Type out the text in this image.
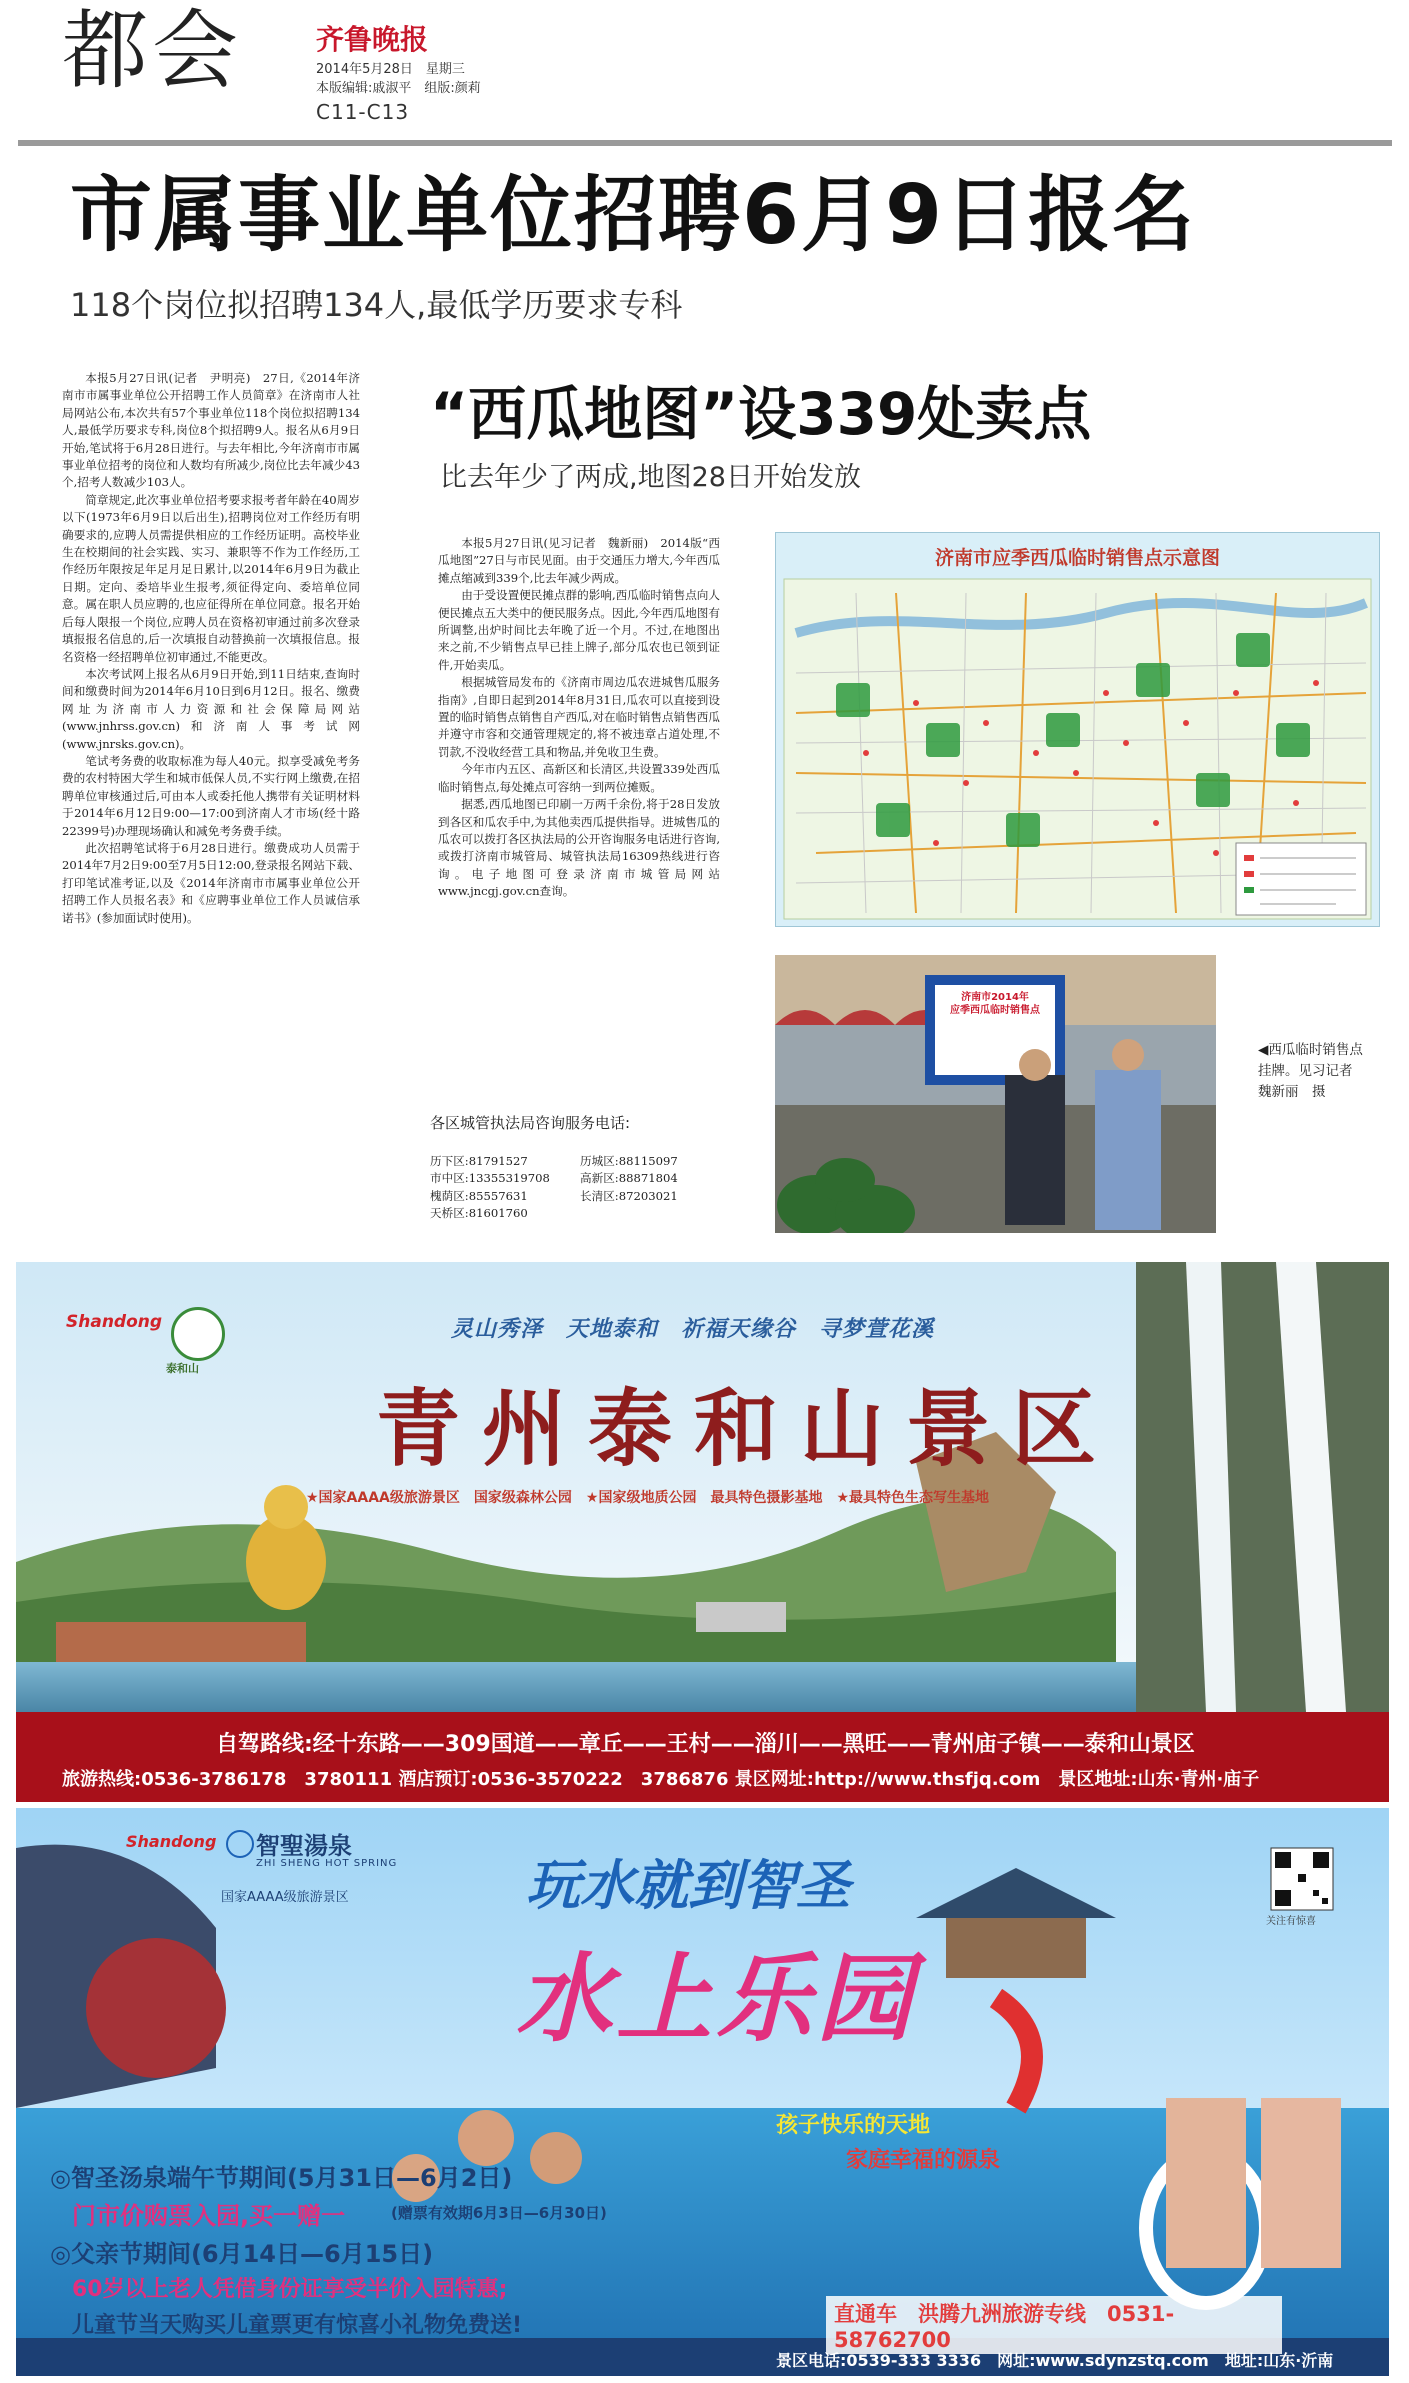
都会	齐鲁晚报
2014年5月28日　星期三
本版编辑:戚淑平　组版:颜莉
C11-C13
市属事业单位招聘6月9日报名
118个岗位拟招聘134人,最低学历要求专科

本报5月27日讯(记者　尹明亮)　27日,《2014年济南市市属事业单位公开招聘工作人员简章》在济南市人社局网站公布,本次共有57个事业单位118个岗位拟招聘134人,最低学历要求专科,岗位8个拟招聘9人。报名从6月9日开始,笔试将于6月28日进行。与去年相比,今年济南市市属事业单位招考的岗位和人数均有所减少,岗位比去年减少43个,招考人数减少103人。

简章规定,此次事业单位招考要求报考者年龄在40周岁以下(1973年6月9日以后出生),招聘岗位对工作经历有明确要求的,应聘人员需提供相应的工作经历证明。高校毕业生在校期间的社会实践、实习、兼职等不作为工作经历,工作经历年限按足年足月足日累计,以2014年6月9日为截止日期。定向、委培毕业生报考,须征得定向、委培单位同意。属在职人员应聘的,也应征得所在单位同意。报名开始后每人限报一个岗位,应聘人员在资格初审通过前多次登录填报报名信息的,后一次填报自动替换前一次填报信息。报名资格一经招聘单位初审通过,不能更改。

本次考试网上报名从6月9日开始,到11日结束,查询时间和缴费时间为2014年6月10日到6月12日。报名、缴费网址为济南市人力资源和社会保障局网站(www.jnhrss.gov.cn)和济南人事考试网(www.jnrsks.gov.cn)。

笔试考务费的收取标准为每人40元。拟享受减免考务费的农村特困大学生和城市低保人员,不实行网上缴费,在招聘单位审核通过后,可由本人或委托他人携带有关证明材料于2014年6月12日9:00—17:00到济南人才市场(经十路22399号)办理现场确认和减免考务费手续。

此次招聘笔试将于6月28日进行。缴费成功人员需于2014年7月2日9:00至7月5日12:00,登录报名网站下载、打印笔试准考证,以及《2014年济南市市属事业单位公开招聘工作人员报名表》和《应聘事业单位工作人员诚信承诺书》(参加面试时使用)。

“西瓜地图”设339处卖点
比去年少了两成,地图28日开始发放

本报5月27日讯(见习记者　魏新丽)　2014版“西瓜地图”27日与市民见面。由于交通压力增大,今年西瓜摊点缩减到339个,比去年减少两成。

由于受设置便民摊点群的影响,西瓜临时销售点向人便民摊点五大类中的便民服务点。因此,今年西瓜地图有所调整,出炉时间比去年晚了近一个月。不过,在地图出来之前,不少销售点早已挂上牌子,部分瓜农也已领到证件,开始卖瓜。

根据城管局发布的《济南市周边瓜农进城售瓜服务指南》,自即日起到2014年8月31日,瓜农可以直接到设置的临时销售点销售自产西瓜,对在临时销售点销售西瓜并遵守市容和交通管理规定的,将不被违章占道处理,不罚款,不没收经营工具和物品,并免收卫生费。

今年市内五区、高新区和长清区,共设置339处西瓜临时销售点,每处摊点可容纳一到两位摊贩。

据悉,西瓜地图已印刷一万两千余份,将于28日发放到各区和瓜农手中,为其他卖西瓜提供指导。进城售瓜的瓜农可以拨打各区执法局的公开咨询服务电话进行咨询,或拨打济南市城管局、城管执法局16309热线进行咨询。电子地图可登录济南市城管局网站www.jncgj.gov.cn查询。

各区城管执法局咨询服务电话:
历下区:81791527	历城区:88115097
市中区:13355319708	高新区:88871804
槐荫区:85557631	长清区:87203021
天桥区:81601760
济南市应季西瓜临时销售点示意图
济南市2014年
应季西瓜临时销售点
◀西瓜临时销售点挂牌。见习记者　魏新丽　摄
Shandong
泰和山
灵山秀泽　天地泰和　祈福天缘谷　寻梦萱花溪
青州泰和山景区
★国家AAAA级旅游景区　国家级森林公园　★国家级地质公园　最具特色摄影基地　★最具特色生态写生基地
自驾路线:经十东路——309国道——章丘——王村——淄川——黑旺——青州庙子镇——泰和山景区
旅游热线:0536-3786178　3780111 酒店预订:0536-3570222　3786876 景区网址:http://www.thsfjq.com　景区地址:山东·青州·庙子
Shandong 智聖湯泉
ZHI SHENG HOT SPRING
国家AAAA级旅游景区	玩水就到智圣
水上乐园
关注有惊喜
孩子快乐的天地
家庭幸福的源泉
◎智圣汤泉端午节期间(5月31日—6月2日)
门市价购票入园,买一赠一	(赠票有效期6月3日—6月30日)
◎父亲节期间(6月14日—6月15日)
60岁以上老人凭借身份证享受半价入园特惠;
儿童节当天购买儿童票更有惊喜小礼物免费送!	直通车　洪腾九洲旅游专线　0531-58762700
景区电话:0539-333 3336　网址:www.sdynzstq.com　地址:山东·沂南
